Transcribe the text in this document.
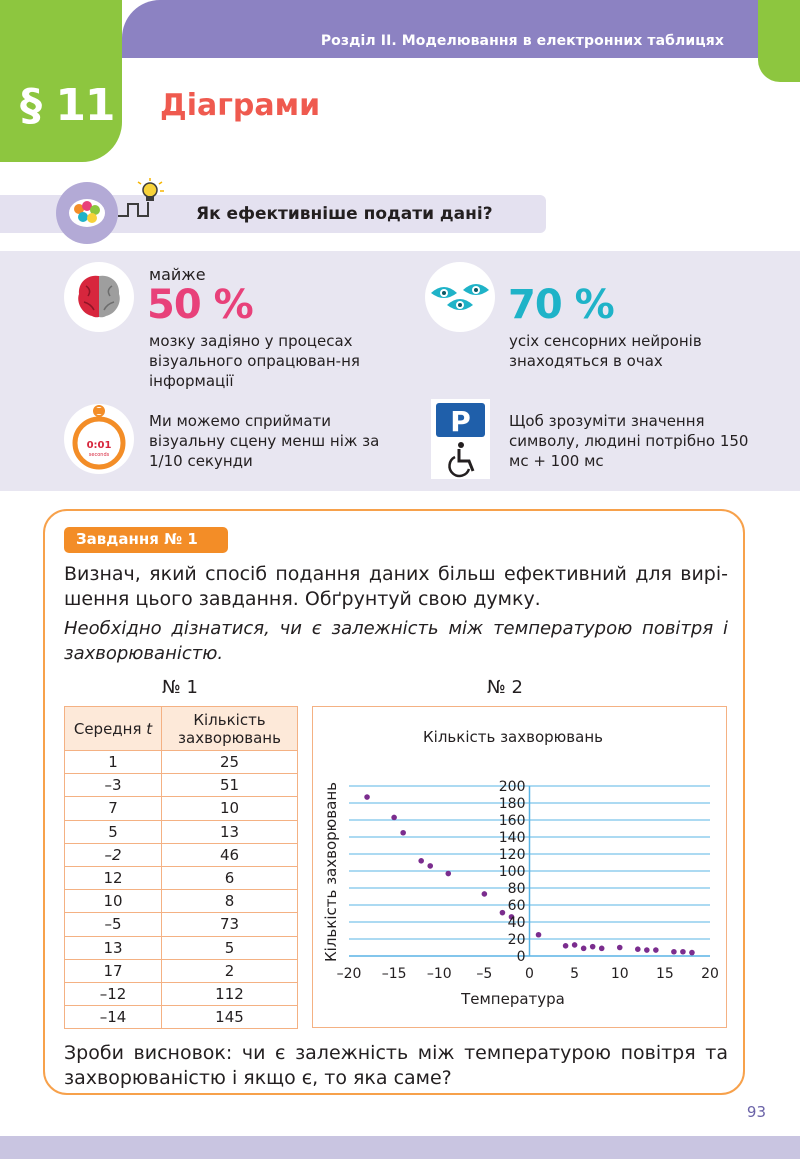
Розділ ІІ. Моделювання в електронних таблицях
§ 11 Діаграми
Як ефективніше подати дані?
майже
50 %
мозку задіяно у процесах візуального опрацюван-ня інформації
70 %
усіх сенсорних нейронів знаходяться в очах
0:01
seconds
Ми можемо сприймати візуальну сцену менш ніж за 1/10 секунди
P	Щоб зрозуміти значення символу, людині потрібно 150 мс + 100 мс
Завдання № 1
Визнач, який спосіб подання даних більш ефективний для вирі-шення цього завдання. Обґрунтуй свою думку.
Необхідно дізнатися, чи є залежність між температурою повітря і захворюваністю.
№ 1	№ 2
Середня t	Кількість захворювань
1	25
–3	51
7	10
5	13
–2	46
12	6
10	8
–5	73
13	5
17	2
–12	112
–14	145
Кількість захворювань
Температура
Кількість захворювань	0
20
40
60
80
100
120
140
160
180
200
–20 –15 –10 –5 0	5 10 15 20
Зроби висновок: чи є залежність між температурою повітря та захворюваністю і якщо є, то яка саме?
93
